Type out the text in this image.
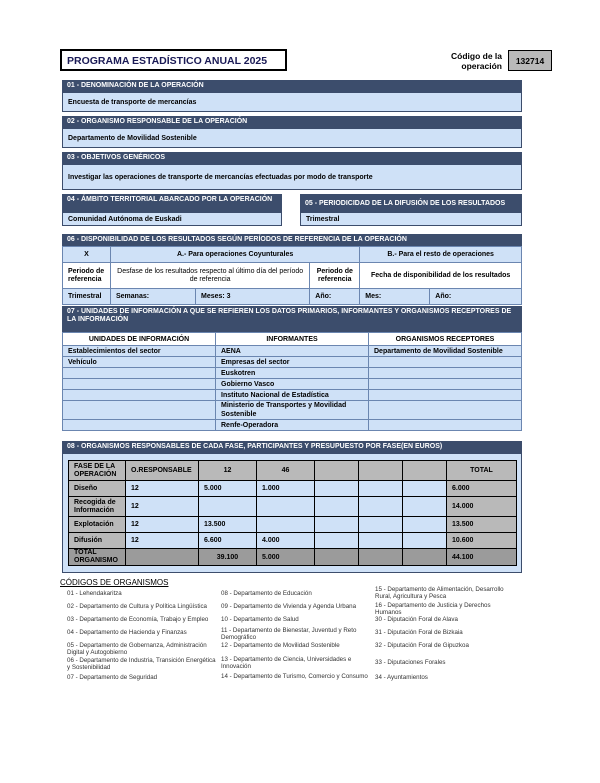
PROGRAMA ESTADÍSTICO ANUAL 2025	Código de la
operación	132714
01 - DENOMINACIÓN DE LA OPERACIÓN
Encuesta de transporte de mercancías
02 - ORGANISMO RESPONSABLE DE LA OPERACIÓN
Departamento de Movilidad Sostenible
03 - OBJETIVOS GENÉRICOS
Investigar las operaciones de transporte de mercancías efectuadas por modo de transporte
04 - ÁMBITO TERRITORIAL ABARCADO POR LA OPERACIÓN
Comunidad Autónoma de Euskadi
05 - PERIODICIDAD DE LA DIFUSIÓN DE LOS RESULTADOS
Trimestral
06 - DISPONIBILIDAD DE LOS RESULTADOS SEGÚN PERÍODOS DE REFERENCIA DE LA OPERACIÓN
X	A.- Para operaciones Coyunturales			B.- Para el resto de operaciones	
Periodo de referencia	Desfase de los resultados respecto al último día del período de referencia		Periodo de referencia	Fecha de disponibilidad de los resultados	
Trimestral	Semanas:	Meses: 3	Año:	Mes:	Año:
07 - UNIDADES DE INFORMACIÓN A QUE SE REFIEREN LOS DATOS PRIMARIOS, INFORMANTES Y ORGANISMOS RECEPTORES DE LA INFORMACIÓN
UNIDADES DE INFORMACIÓN	INFORMANTES	ORGANISMOS RECEPTORES
Establecimientos del sector	AENA	Departamento de Movilidad Sostenible
Vehículo	Empresas del sector	
	Euskotren	
	Gobierno Vasco	
	Instituto Nacional de Estadística	
	Ministerio de Transportes y Movilidad Sostenible	
	Renfe-Operadora	
08 - ORGANISMOS RESPONSABLES DE CADA FASE, PARTICIPANTES Y PRESUPUESTO POR FASE(EN EUROS)
FASE DE LA OPERACIÓN	O.RESPONSABLE	12	46				TOTAL
Diseño	12	5.000	1.000				6.000
Recogida de Información	12						14.000
Explotación	12	13.500					13.500
Difusión	12	6.600	4.000				10.600
TOTAL ORGANISMO		39.100	5.000				44.100
CÓDIGOS DE ORGANISMOS
01 - Lehendakaritza
02 - Departamento de Cultura y Política Lingüística
03 - Departamento de Economía, Trabajo y Empleo
04 - Departamento de Hacienda y Finanzas
05 - Departamento de Gobernanza, Administración Digital y Autogobierno
06 - Departamento de Industria, Transición Energética y Sostenibilidad
07 - Departamento de Seguridad
08 - Departamento de Educación
09 - Departamento de Vivienda y Agenda Urbana
10 - Departamento de Salud
11 - Departamento de Bienestar, Juventud y Reto Demográfico
12 - Departamento de Movilidad Sostenible
13 - Departamento de Ciencia, Universidades e Innovación
14 - Departamento de Turismo, Comercio y Consumo
15 - Departamento de Alimentación, Desarrollo Rural, Agricultura y Pesca
16 - Departamento de Justicia y Derechos Humanos
30 - Diputación Foral de Alava
31 - Diputación Foral de Bizkaia
32 - Diputación Foral de Gipuzkoa
33 - Diputaciones Forales
34 - Ayuntamientos
